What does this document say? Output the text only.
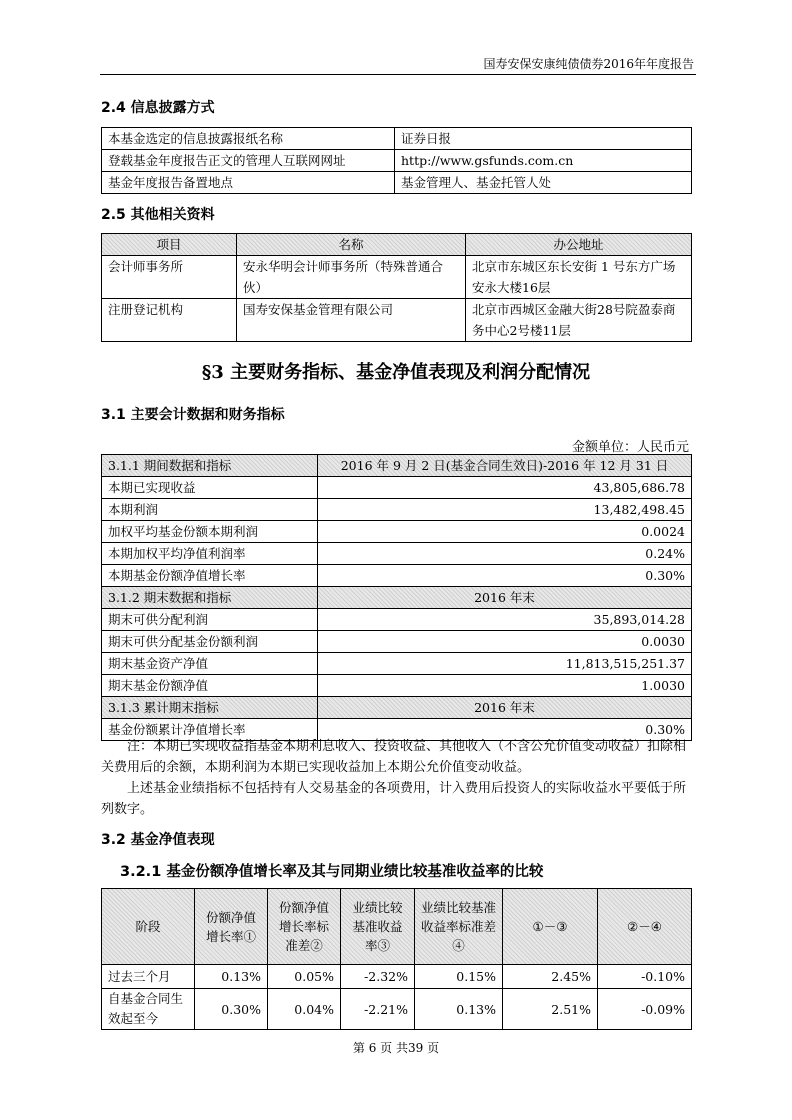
国寿安保安康纯债债券2016年年度报告
2.4 信息披露方式
本基金选定的信息披露报纸名称	证券日报
登载基金年度报告正文的管理人互联网网址	http://www.gsfunds.com.cn
基金年度报告备置地点	基金管理人、基金托管人处
2.5 其他相关资料
项目	名称	办公地址
会计师事务所	安永华明会计师事务所（特殊普通合伙）	北京市东城区东长安街 1 号东方广场安永大楼16层
注册登记机构	国寿安保基金管理有限公司	北京市西城区金融大街28号院盈泰商务中心2号楼11层
§3 主要财务指标、基金净值表现及利润分配情况
3.1 主要会计数据和财务指标
金额单位：人民币元
3.1.1 期间数据和指标	2016 年 9 月 2 日(基金合同生效日)-2016 年 12 月 31 日
本期已实现收益	43,805,686.78
本期利润	13,482,498.45
加权平均基金份额本期利润	0.0024
本期加权平均净值利润率	0.24%
本期基金份额净值增长率	0.30%
3.1.2 期末数据和指标	2016 年末
期末可供分配利润	35,893,014.28
期末可供分配基金份额利润	0.0030
期末基金资产净值	11,813,515,251.37
期末基金份额净值	1.0030
3.1.3 累计期末指标	2016 年末
基金份额累计净值增长率	0.30%
注：本期已实现收益指基金本期利息收入、投资收益、其他收入（不含公允价值变动收益）扣除相关费用后的余额，本期利润为本期已实现收益加上本期公允价值变动收益。
上述基金业绩指标不包括持有人交易基金的各项费用，计入费用后投资人的实际收益水平要低于所列数字。
3.2 基金净值表现
3.2.1 基金份额净值增长率及其与同期业绩比较基准收益率的比较
阶段	份额净值增长率①	份额净值增长率标准差②	业绩比较基准收益率③	业绩比较基准收益率标准差④	①－③	②－④
过去三个月	0.13%	0.05%	-2.32%	0.15%	2.45%	-0.10%
自基金合同生效起至今	0.30%	0.04%	-2.21%	0.13%	2.51%	-0.09%
第 6 页 共39 页
